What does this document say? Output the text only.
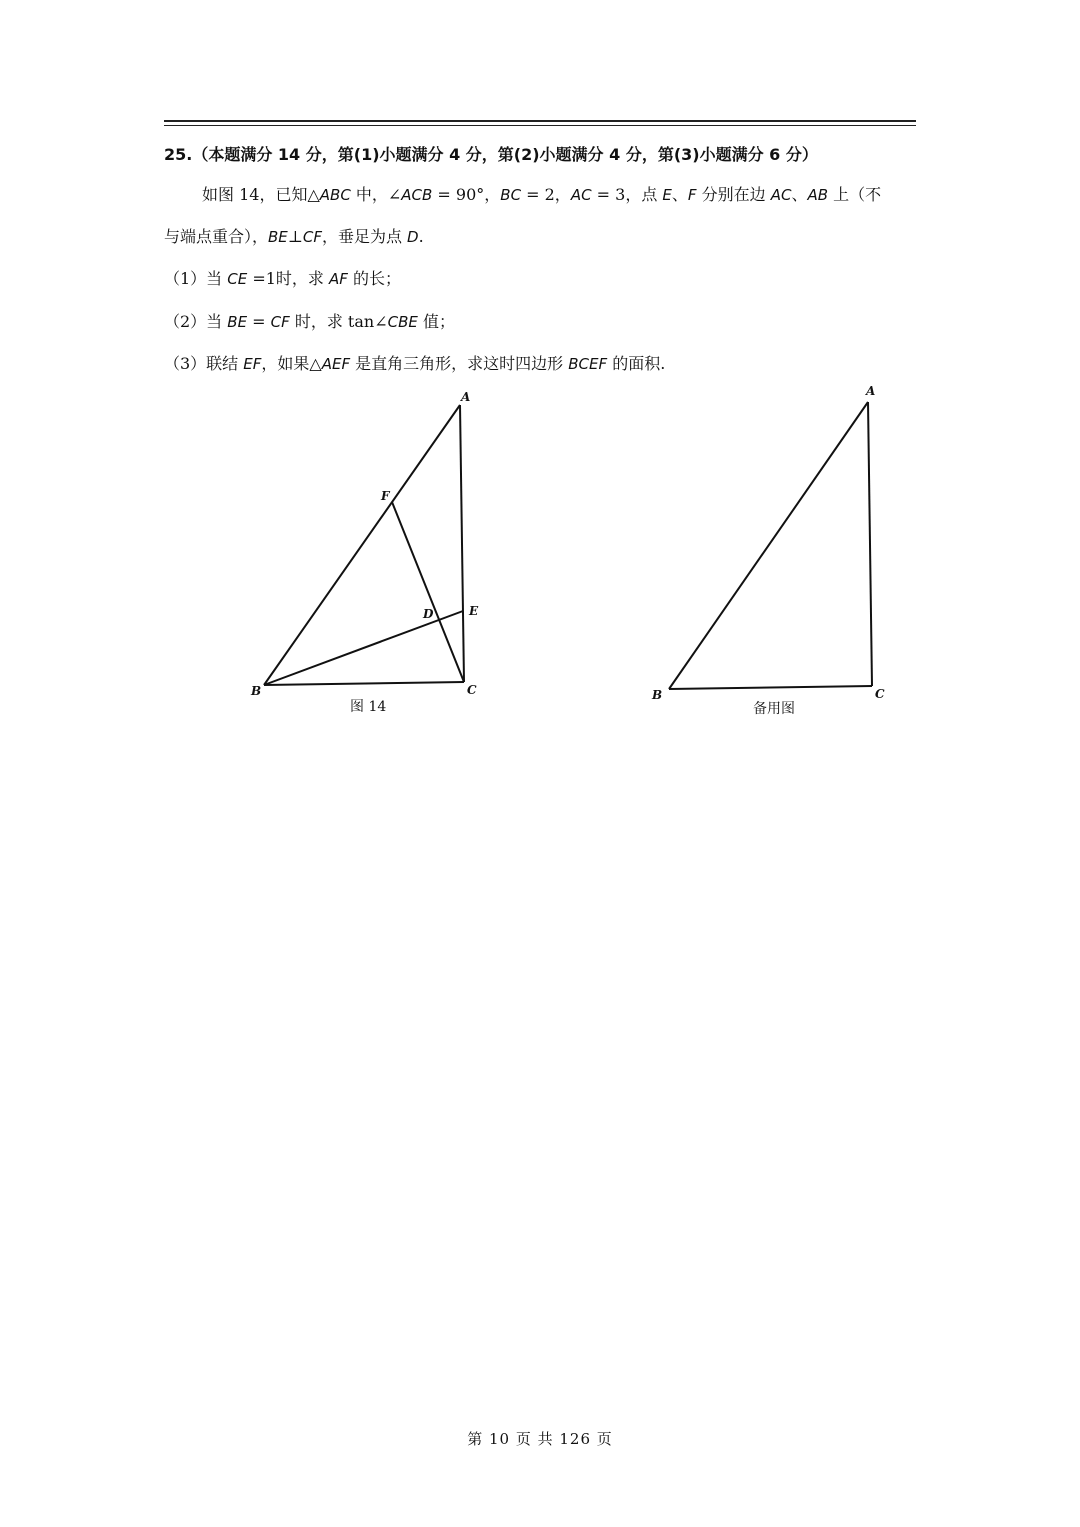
25.（本题满分 14 分，第(1)小题满分 4 分，第(2)小题满分 4 分，第(3)小题满分 6 分）
如图 14，已知△ABC 中，∠ACB = 90°，BC = 2，AC = 3，点 E、F 分别在边 AC、AB 上（不
与端点重合），BE⊥CF，垂足为点 D.
（1）当 CE =1时，求 AF 的长；
（2）当 BE = CF 时，求 tan∠CBE 值；
（3）联结 EF，如果△AEF 是直角三角形，求这时四边形 BCEF 的面积.
A
F
D	E
B	C
A
B	C
图 14	备用图
第 10 页 共 126 页
